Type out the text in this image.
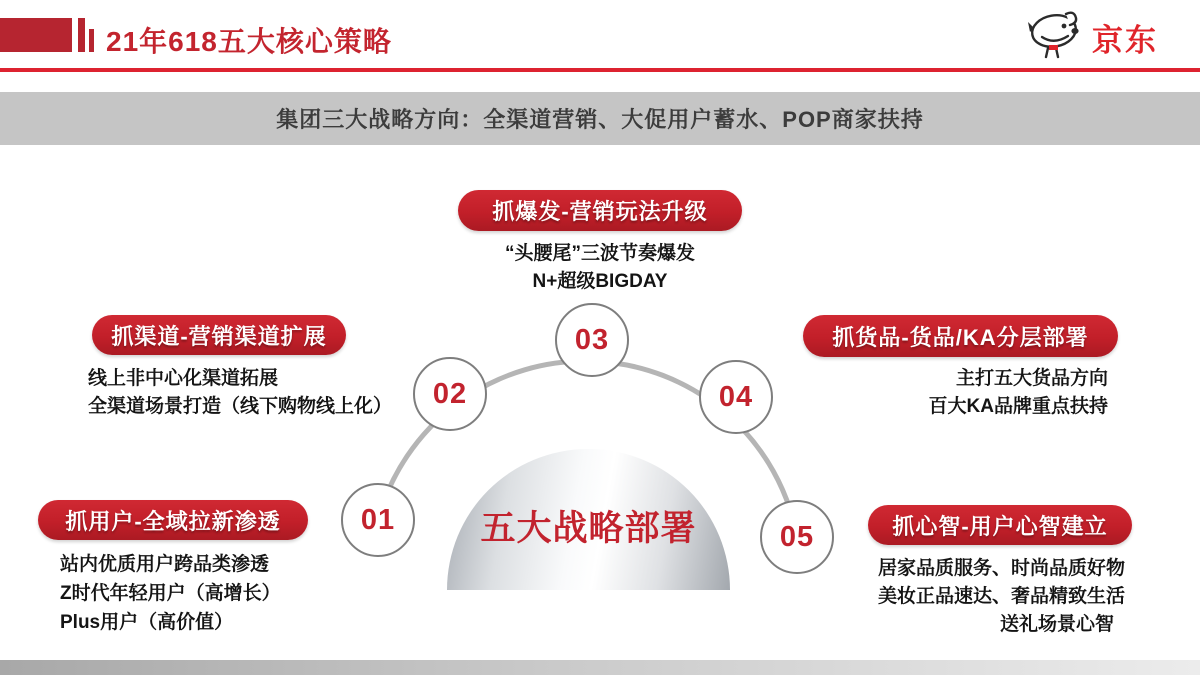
21年618五大核心策略	京东
集团三大战略方向：全渠道营销、大促用户蓄水、POP商家扶持
五大战略部署
01
02
03
04
05
抓用户-全域拉新渗透
抓渠道-营销渠道扩展
抓爆发-营销玩法升级
抓货品-货品/KA分层部署
抓心智-用户心智建立
站内优质用户跨品类渗透
Z时代年轻用户（高增长）
Plus用户（高价值）
线上非中心化渠道拓展
全渠道场景打造（线下购物线上化）
“头腰尾”三波节奏爆发
N+超级BIGDAY
主打五大货品方向
百大KA品牌重点扶持
居家品质服务、时尚品质好物
美妆正品速达、奢品精致生活
送礼场景心智
